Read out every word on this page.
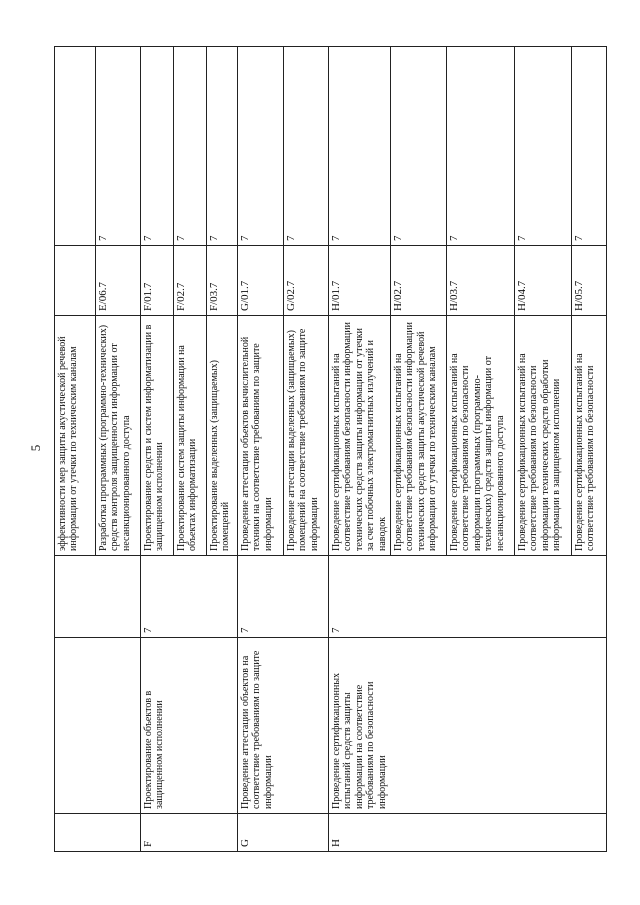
5
			эффективности мер защиты акустической речевой информации от утечки по техническим каналам		
			Разработка программных (программно-технических) средств контроля защищенности информации от несанкционированного доступа	E/06.7	7
F	Проектирование объектов в защищенном исполнении	7	Проектирование средств и систем информатизации в защищенном исполнении	F/01.7	7
			Проектирование систем защиты информации на объектах информатизации	F/02.7	7
			Проектирование выделенных (защищаемых) помещений	F/03.7	7
G	Проведение аттестации объектов на соответствие требованиям по защите информации	7	Проведение аттестации объектов вычислительной техники на соответствие требованиям по защите информации	G/01.7	7
			Проведение аттестации выделенных (защищаемых) помещений на соответствие требованиям по защите информации	G/02.7	7
H	Проведение сертификационных испытаний средств защиты информации на соответствие требованиям по безопасности информации	7	Проведение сертификационных испытаний на соответствие требованиям безопасности информации технических средств защиты информации от утечки за счет побочных электромагнитных излучений и наводок	H/01.7	7
			Проведение сертификационных испытаний на соответствие требованиям безопасности информации технических средств защиты акустической речевой информации от утечки по техническим каналам	H/02.7	7
			Проведение сертификационных испытаний на соответствие требованиям по безопасности информации программных (программно-технических) средств защиты информации от несанкционированного доступа	H/03.7	7
			Проведение сертификационных испытаний на соответствие требованиям по безопасности информации технических средств обработки информации в защищенном исполнении	H/04.7	7
			Проведение сертификационных испытаний на соответствие требованиям по безопасности	H/05.7	7
